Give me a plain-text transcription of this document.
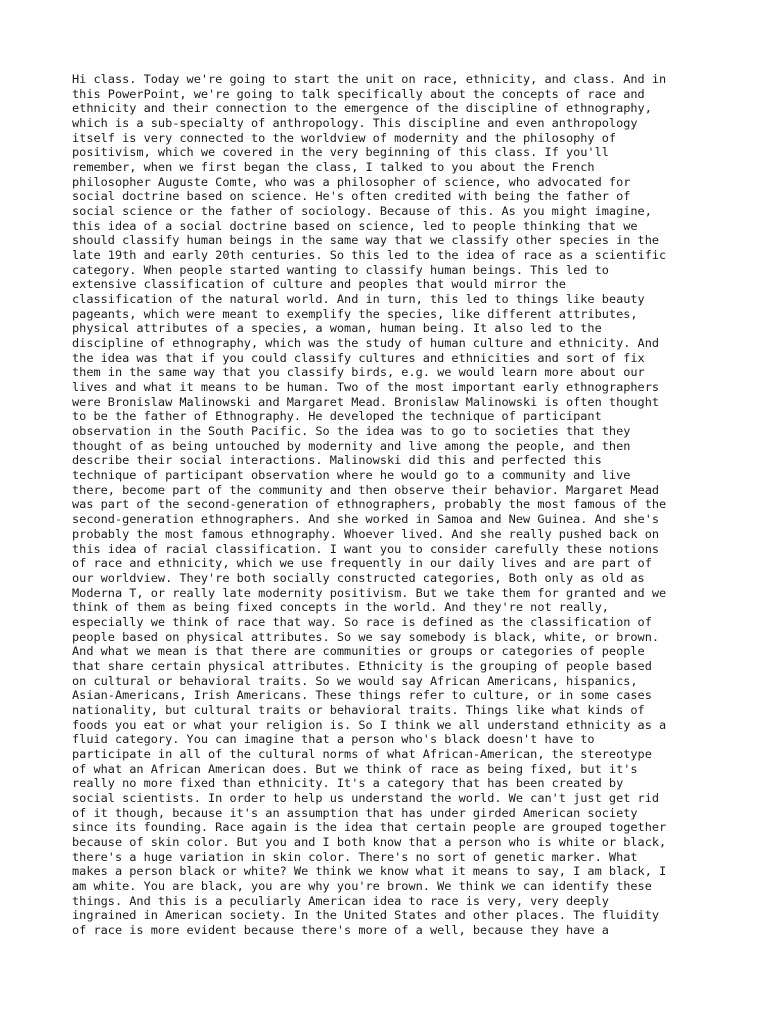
Hi class. Today we're going to start the unit on race, ethnicity, and class. And in
this PowerPoint, we're going to talk specifically about the concepts of race and
ethnicity and their connection to the emergence of the discipline of ethnography,
which is a sub-specialty of anthropology. This discipline and even anthropology
itself is very connected to the worldview of modernity and the philosophy of
positivism, which we covered in the very beginning of this class. If you'll
remember, when we first began the class, I talked to you about the French
philosopher Auguste Comte, who was a philosopher of science, who advocated for
social doctrine based on science. He's often credited with being the father of
social science or the father of sociology. Because of this. As you might imagine,
this idea of a social doctrine based on science, led to people thinking that we
should classify human beings in the same way that we classify other species in the
late 19th and early 20th centuries. So this led to the idea of race as a scientific
category. When people started wanting to classify human beings. This led to
extensive classification of culture and peoples that would mirror the
classification of the natural world. And in turn, this led to things like beauty
pageants, which were meant to exemplify the species, like different attributes,
physical attributes of a species, a woman, human being. It also led to the
discipline of ethnography, which was the study of human culture and ethnicity. And
the idea was that if you could classify cultures and ethnicities and sort of fix
them in the same way that you classify birds, e.g. we would learn more about our
lives and what it means to be human. Two of the most important early ethnographers
were Bronislaw Malinowski and Margaret Mead. Bronislaw Malinowski is often thought
to be the father of Ethnography. He developed the technique of participant
observation in the South Pacific. So the idea was to go to societies that they
thought of as being untouched by modernity and live among the people, and then
describe their social interactions. Malinowski did this and perfected this
technique of participant observation where he would go to a community and live
there, become part of the community and then observe their behavior. Margaret Mead
was part of the second-generation of ethnographers, probably the most famous of the
second-generation ethnographers. And she worked in Samoa and New Guinea. And she's
probably the most famous ethnography. Whoever lived. And she really pushed back on
this idea of racial classification. I want you to consider carefully these notions
of race and ethnicity, which we use frequently in our daily lives and are part of
our worldview. They're both socially constructed categories, Both only as old as
Moderna T, or really late modernity positivism. But we take them for granted and we
think of them as being fixed concepts in the world. And they're not really,
especially we think of race that way. So race is defined as the classification of
people based on physical attributes. So we say somebody is black, white, or brown.
And what we mean is that there are communities or groups or categories of people
that share certain physical attributes. Ethnicity is the grouping of people based
on cultural or behavioral traits. So we would say African Americans, hispanics,
Asian-Americans, Irish Americans. These things refer to culture, or in some cases
nationality, but cultural traits or behavioral traits. Things like what kinds of
foods you eat or what your religion is. So I think we all understand ethnicity as a
fluid category. You can imagine that a person who's black doesn't have to
participate in all of the cultural norms of what African-American, the stereotype
of what an African American does. But we think of race as being fixed, but it's
really no more fixed than ethnicity. It's a category that has been created by
social scientists. In order to help us understand the world. We can't just get rid
of it though, because it's an assumption that has under girded American society
since its founding. Race again is the idea that certain people are grouped together
because of skin color. But you and I both know that a person who is white or black,
there's a huge variation in skin color. There's no sort of genetic marker. What
makes a person black or white? We think we know what it means to say, I am black, I
am white. You are black, you are why you're brown. We think we can identify these
things. And this is a peculiarly American idea to race is very, very deeply
ingrained in American society. In the United States and other places. The fluidity
of race is more evident because there's more of a well, because they have a
